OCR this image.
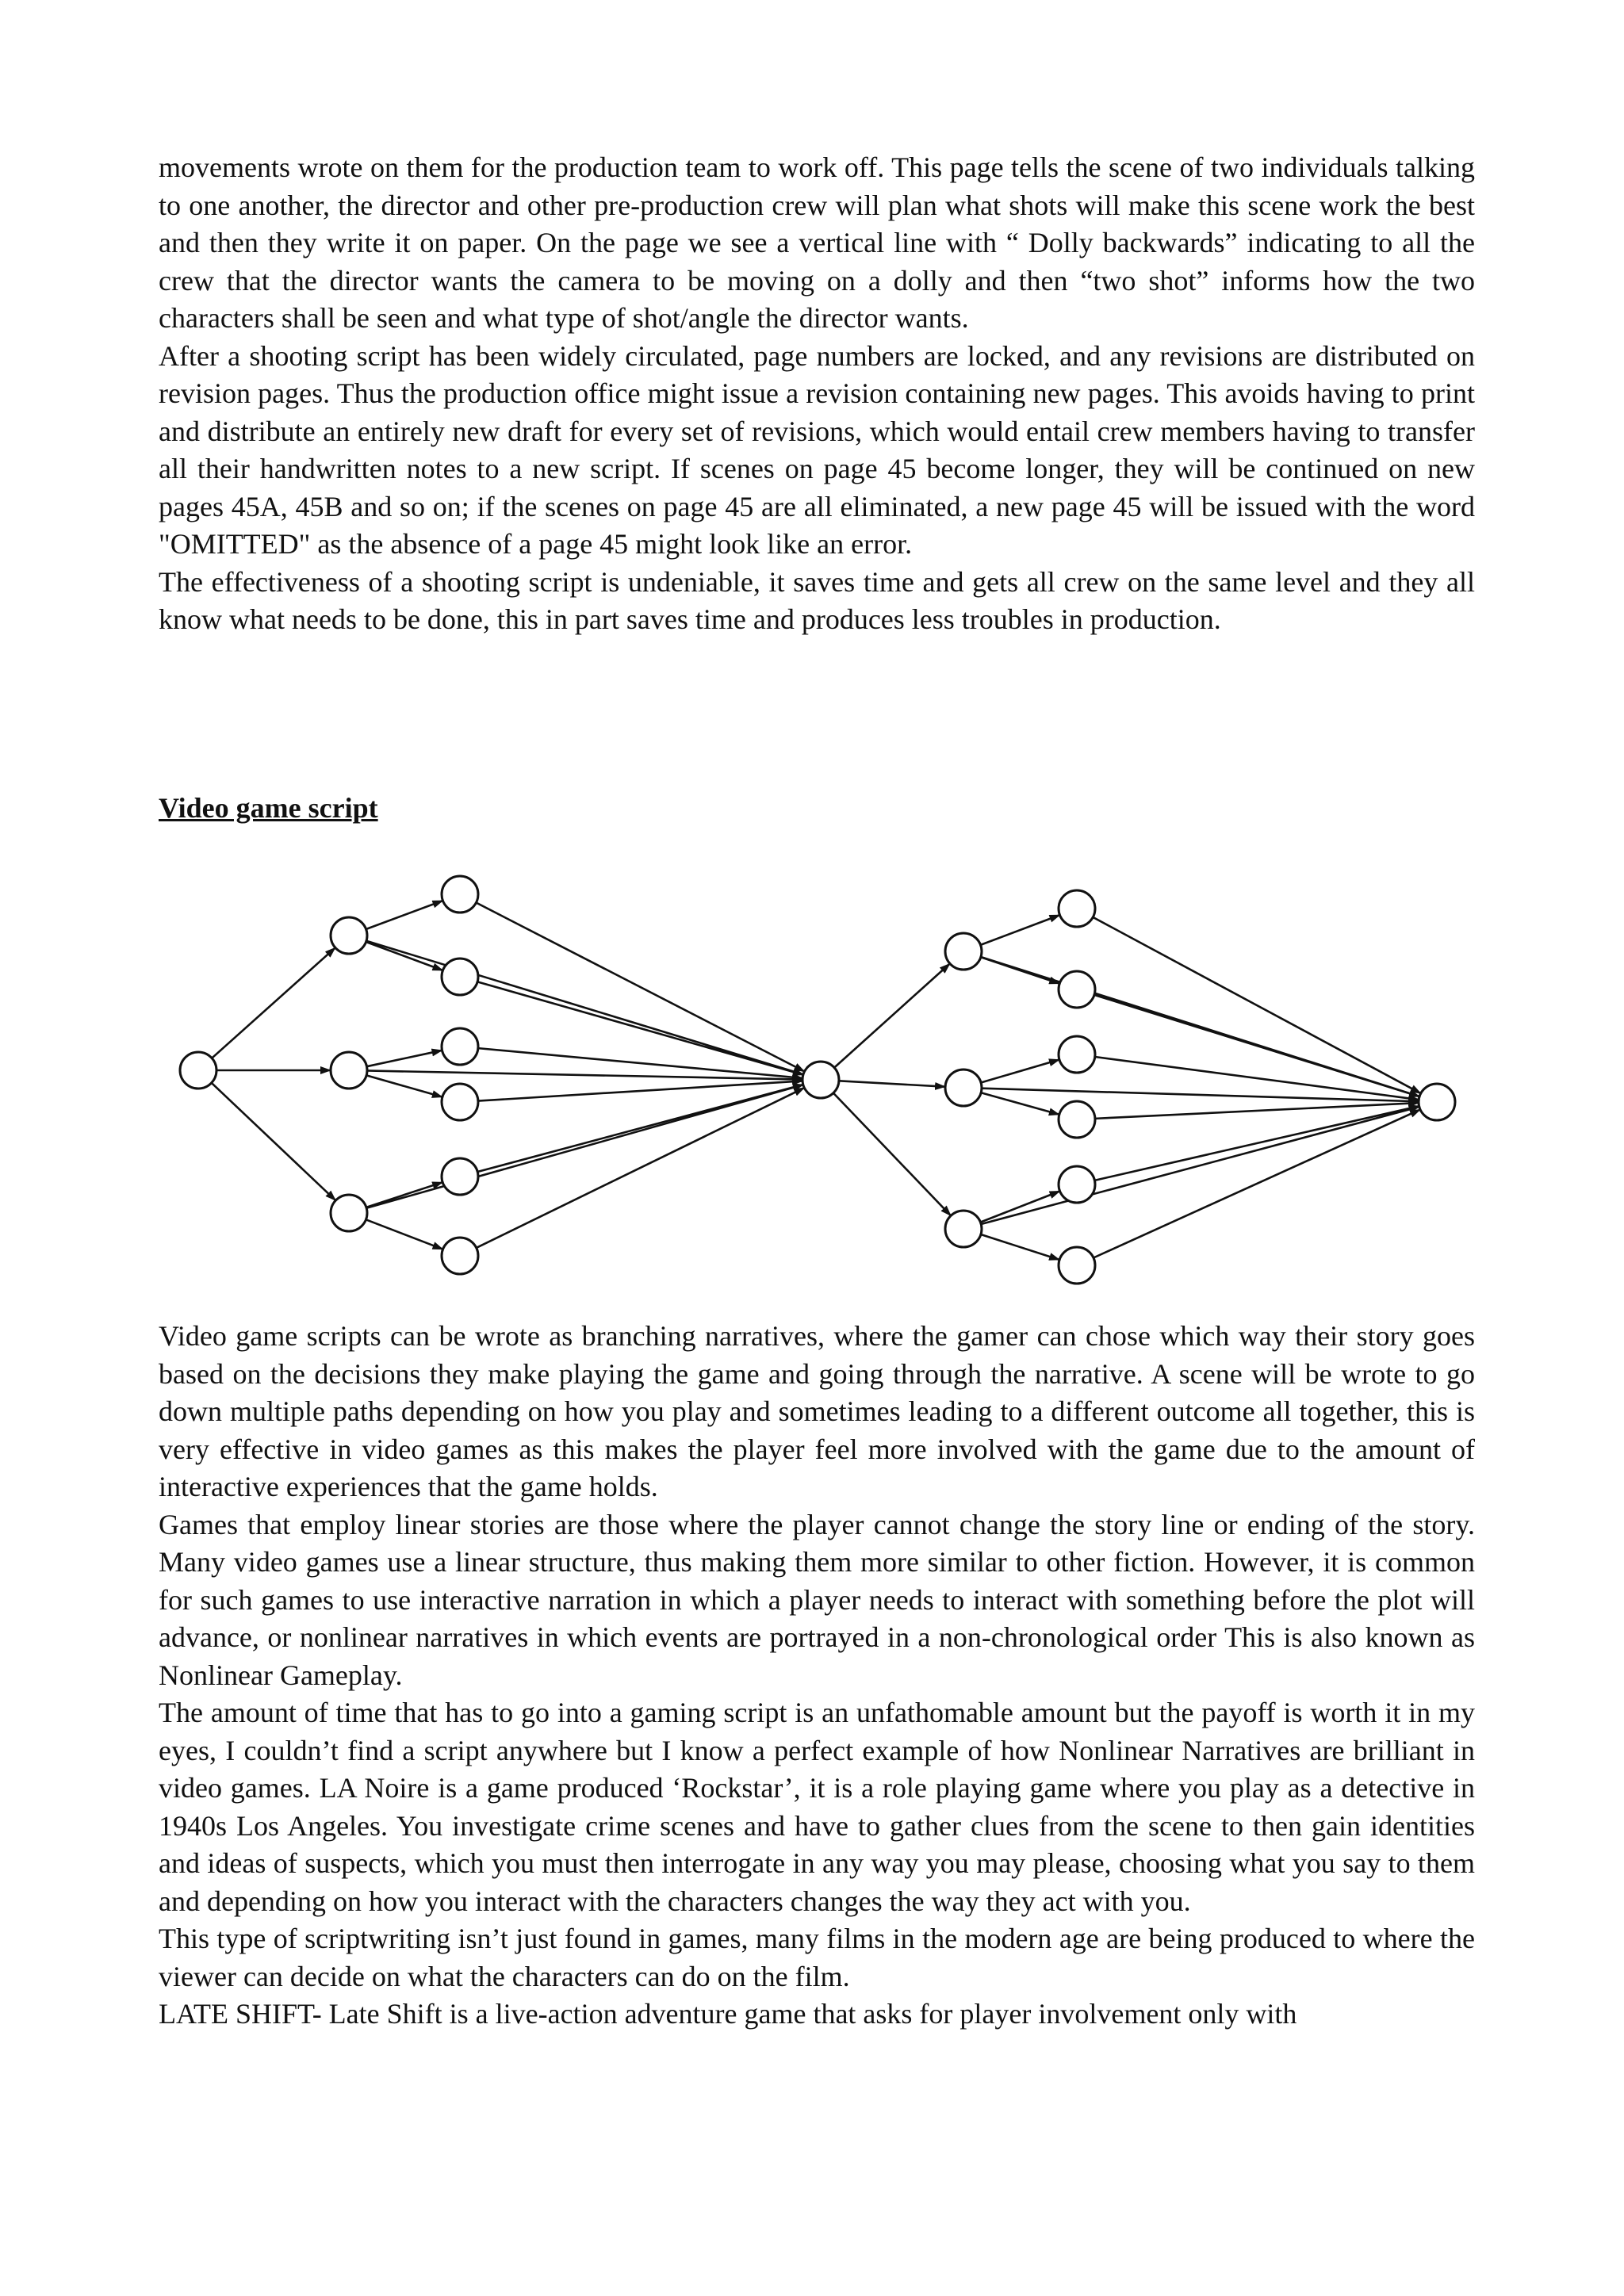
movements wrote on them for the production team to work off. This page tells the scene of two individuals talking to one another, the director and other pre-production crew will plan what shots will make this scene work the best and then they write it on paper. On the page we see a vertical line with “ Dolly backwards” indicating to all the crew that the director wants the camera to be moving on a dolly and then “two shot” informs how the two characters shall be seen and what type of shot/angle the director wants.

After a shooting script has been widely circulated, page numbers are locked, and any revisions are distributed on revision pages. Thus the production office might issue a revision containing new pages. This avoids having to print and distribute an entirely new draft for every set of revisions, which would entail crew members having to transfer all their handwritten notes to a new script. If scenes on page 45 become longer, they will be continued on new pages 45A, 45B and so on; if the scenes on page 45 are all eliminated, a new page 45 will be issued with the word "OMITTED" as the absence of a page 45 might look like an error.

The effectiveness of a shooting script is undeniable, it saves time and gets all crew on the same level and they all know what needs to be done, this in part saves time and produces less troubles in production.

Video game script

Video game scripts can be wrote as branching narratives, where the gamer can chose which way their story goes based on the decisions they make playing the game and going through the narrative. A scene will be wrote to go down multiple paths depending on how you play and sometimes leading to a different outcome all together, this is very effective in video games as this makes the player feel more involved with the game due to the amount of interactive experiences that the game holds.

Games that employ linear stories are those where the player cannot change the story line or ending of the story. Many video games use a linear structure, thus making them more similar to other fiction. However, it is common for such games to use interactive narration in which a player needs to interact with something before the plot will advance, or nonlinear narratives in which events are portrayed in a non-chronological order This is also known as Nonlinear Gameplay.

The amount of time that has to go into a gaming script is an unfathomable amount but the payoff is worth it in my eyes, I couldn’t find a script anywhere but I know a perfect example of how Nonlinear Narratives are brilliant in video games. LA Noire is a game produced ‘Rockstar’, it is a role playing game where you play as a detective in 1940s Los Angeles. You investigate crime scenes and have to gather clues from the scene to then gain identities and ideas of suspects, which you must then interrogate in any way you may please, choosing what you say to them and depending on how you interact with the characters changes the way they act with you.

This type of scriptwriting isn’t just found in games, many films in the modern age are being produced to where the viewer can decide on what the characters can do on the film.

LATE SHIFT- Late Shift is a live-action adventure game that asks for player involvement only with
